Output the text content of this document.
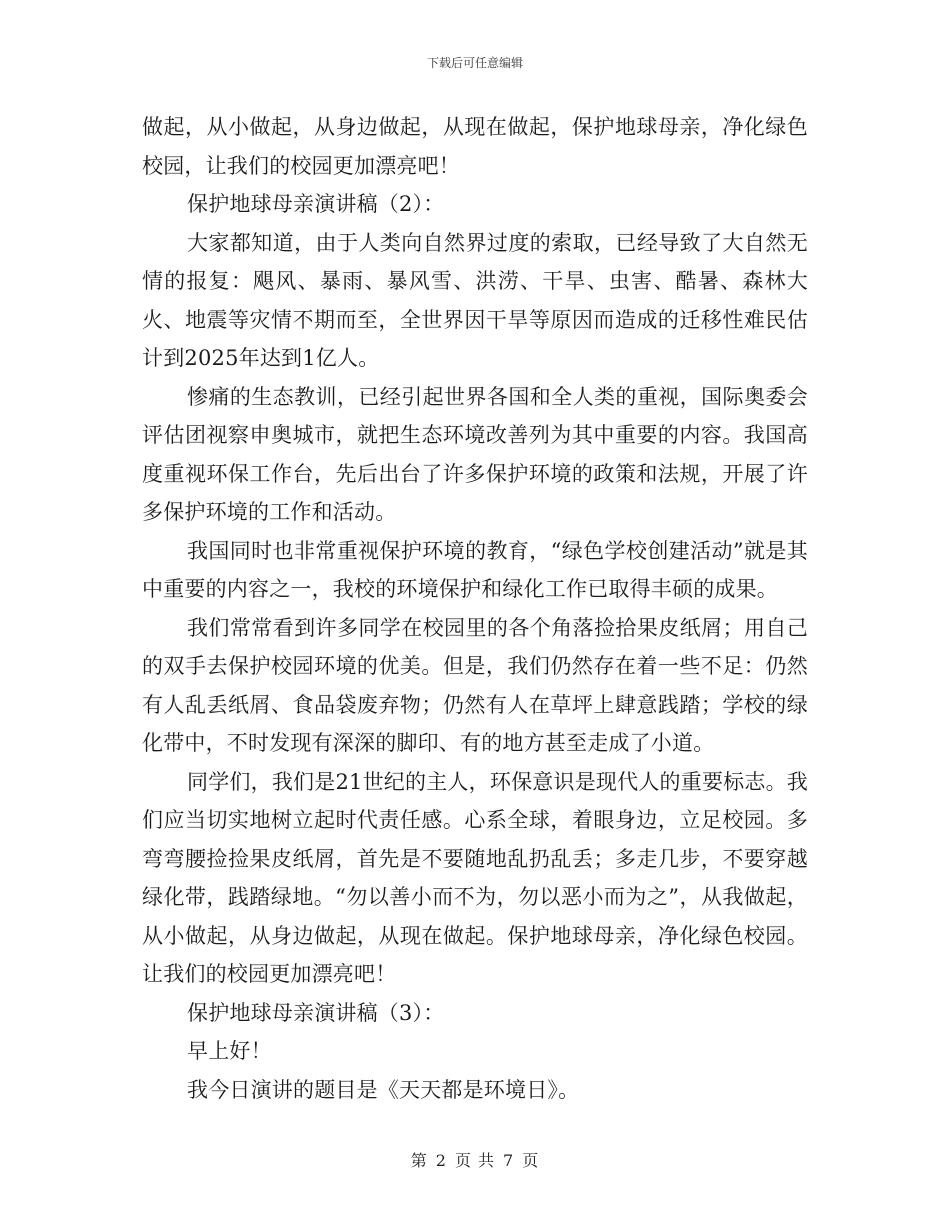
下载后可任意编辑

做起，从小做起，从身边做起，从现在做起，保护地球母亲，净化绿色校园，让我们的校园更加漂亮吧！

保护地球母亲演讲稿（2）：

大家都知道，由于人类向自然界过度的索取，已经导致了大自然无情的报复：飓风、暴雨、暴风雪、洪涝、干旱、虫害、酷暑、森林大火、地震等灾情不期而至，全世界因干旱等原因而造成的迁移性难民估计到2025年达到1亿人。

惨痛的生态教训，已经引起世界各国和全人类的重视，国际奥委会评估团视察申奥城市，就把生态环境改善列为其中重要的内容。我国高度重视环保工作台，先后出台了许多保护环境的政策和法规，开展了许多保护环境的工作和活动。

我国同时也非常重视保护环境的教育，“绿色学校创建活动”就是其中重要的内容之一，我校的环境保护和绿化工作已取得丰硕的成果。

我们常常看到许多同学在校园里的各个角落捡拾果皮纸屑；用自己的双手去保护校园环境的优美。但是，我们仍然存在着一些不足：仍然有人乱丢纸屑、食品袋废弃物；仍然有人在草坪上肆意践踏；学校的绿化带中，不时发现有深深的脚印、有的地方甚至走成了小道。

同学们，我们是21世纪的主人，环保意识是现代人的重要标志。我们应当切实地树立起时代责任感。心系全球，着眼身边，立足校园。多弯弯腰捡捡果皮纸屑，首先是不要随地乱扔乱丢；多走几步，不要穿越绿化带，践踏绿地。“勿以善小而不为，勿以恶小而为之”，从我做起，从小做起，从身边做起，从现在做起。保护地球母亲，净化绿色校园。 让我们的校园更加漂亮吧！

保护地球母亲演讲稿（3）：

早上好！

我今日演讲的题目是《天天都是环境日》。

第 2 页 共 7 页
